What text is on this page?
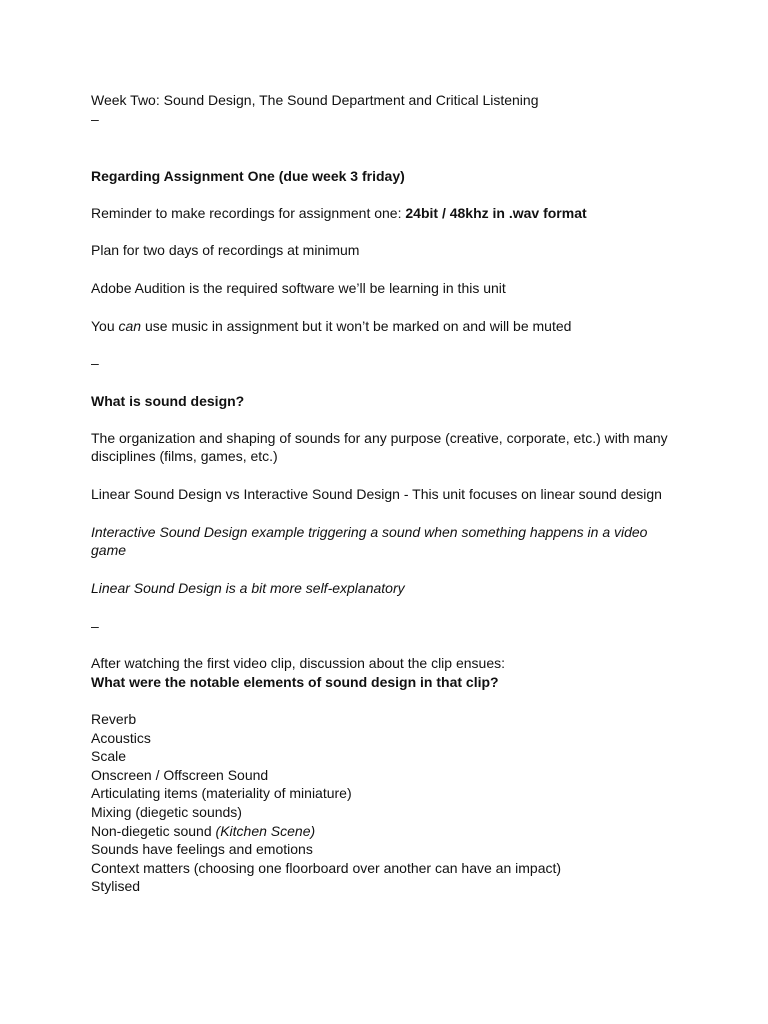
Week Two: Sound Design, The Sound Department and Critical Listening
–
Regarding Assignment One (due week 3 friday)
Reminder to make recordings for assignment one: 24bit / 48khz in .wav format
Plan for two days of recordings at minimum
Adobe Audition is the required software we’ll be learning in this unit
You can use music in assignment but it won’t be marked on and will be muted
–
What is sound design?
The organization and shaping of sounds for any purpose (creative, corporate, etc.) with many disciplines (films, games, etc.)
Linear Sound Design vs Interactive Sound Design - This unit focuses on linear sound design
Interactive Sound Design example triggering a sound when something happens in a video game
Linear Sound Design is a bit more self-explanatory
–
After watching the first video clip, discussion about the clip ensues:
What were the notable elements of sound design in that clip?
Reverb
Acoustics
Scale
Onscreen / Offscreen Sound
Articulating items (materiality of miniature)
Mixing (diegetic sounds)
Non-diegetic sound (Kitchen Scene)
Sounds have feelings and emotions
Context matters (choosing one floorboard over another can have an impact)
Stylised
